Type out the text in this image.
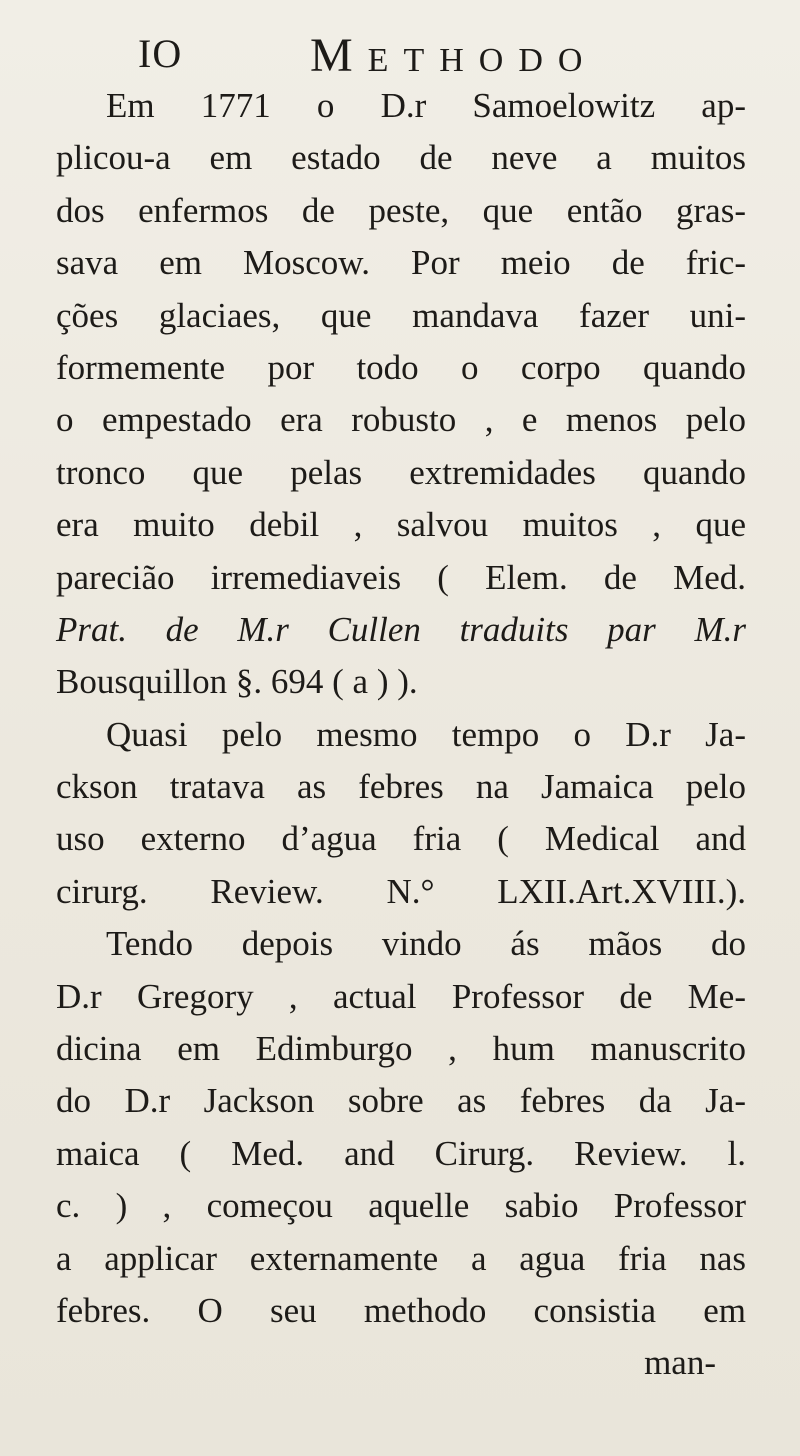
IO	Methodo
Em 1771 o D.r Samoelowitz ap-
plicou-a em estado de neve a muitos
dos enfermos de peste, que então gras-
sava em Moscow. Por meio de fric-
ções glaciaes, que mandava fazer uni-
formemente por todo o corpo quando
o empestado era robusto , e menos pelo
tronco que pelas extremidades quando
era muito debil , salvou muitos , que
parecião irremediaveis ( Elem. de Med.
Prat. de M.r Cullen traduits par M.r
Bousquillon §. 694 ( a ) ).
Quasi pelo mesmo tempo o D.r Ja-
ckson tratava as febres na Jamaica pelo
uso externo d’agua fria ( Medical and
cirurg. Review. N.° LXII.Art.XVIII.).
Tendo depois vindo ás mãos do
D.r Gregory , actual Professor de Me-
dicina em Edimburgo , hum manuscrito
do D.r Jackson sobre as febres da Ja-
maica ( Med. and Cirurg. Review. l.
c. ) , começou aquelle sabio Professor
a applicar externamente a agua fria nas
febres. O seu methodo consistia em
man-
